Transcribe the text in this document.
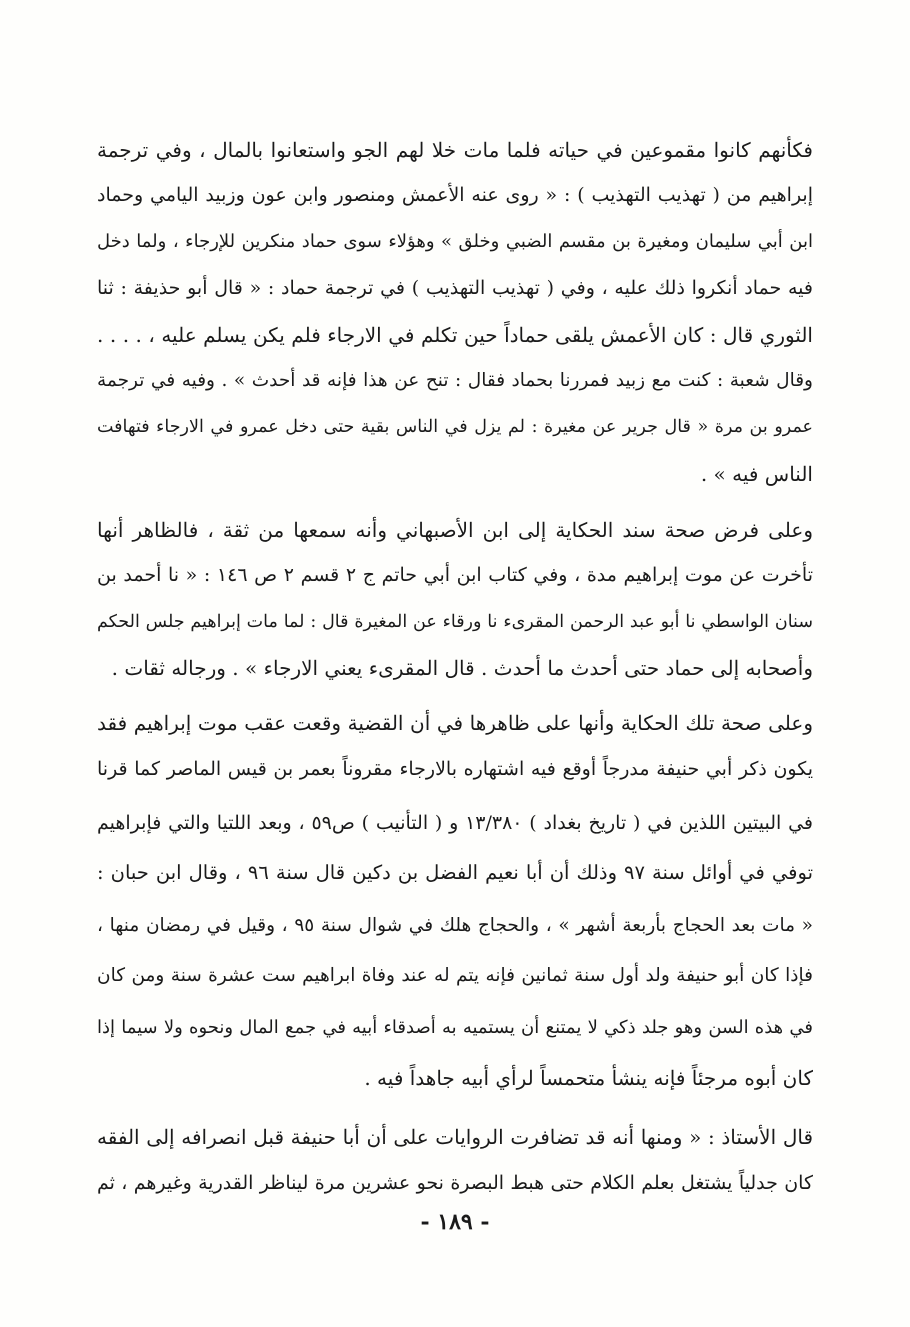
فكأنهم كانوا مقموعين في حياته فلما مات خلا لهم الجو واستعانوا بالمال ، وفي ترجمة
إبراهيم من ( تهذيب التهذيب ) : « روى عنه الأعمش ومنصور وابن عون وزبيد اليامي وحماد
ابن أبي سليمان ومغيرة بن مقسم الضبي وخلق » وهؤلاء سوى حماد منكرين للإرجاء ، ولما دخل
فيه حماد أنكروا ذلك عليه ، وفي ( تهذيب التهذيب ) في ترجمة حماد : « قال أبو حذيفة : ثنا
الثوري قال : كان الأعمش يلقى حماداً حين تكلم في الارجاء فلم يكن يسلم عليه ، . . . .
وقال شعبة : كنت مع زبيد فمررنا بحماد فقال : تنح عن هذا فإنه قد أحدث » . وفيه في ترجمة
عمرو بن مرة « قال جرير عن مغيرة : لم يزل في الناس بقية حتى دخل عمرو في الارجاء فتهافت
الناس فيه » .
وعلى فرض صحة سند الحكاية إلى ابن الأصبهاني وأنه سمعها من ثقة ، فالظاهر أنها
تأخرت عن موت إبراهيم مدة ، وفي كتاب ابن أبي حاتم ج ٢ قسم ٢ ص ١٤٦ : « نا أحمد بن
سنان الواسطي نا أبو عبد الرحمن المقرىء نا ورقاء عن المغيرة قال : لما مات إبراهيم جلس الحكم
وأصحابه إلى حماد حتى أحدث ما أحدث . قال المقرىء يعني الارجاء » . ورجاله ثقات .
وعلى صحة تلك الحكاية وأنها على ظاهرها في أن القضية وقعت عقب موت إبراهيم فقد
يكون ذكر أبي حنيفة مدرجاً أوقع فيه اشتهاره بالارجاء مقروناً بعمر بن قيس الماصر كما قرنا
في البيتين اللذين في ( تاريخ بغداد ) ١٣/٣٨٠ و ( التأنيب ) ص٥٩ ، وبعد اللتيا والتي فإبراهيم
توفي في أوائل سنة ٩٧ وذلك أن أبا نعيم الفضل بن دكين قال سنة ٩٦ ، وقال ابن حبان :
« مات بعد الحجاج بأربعة أشهر » ، والحجاج هلك في شوال سنة ٩٥ ، وقيل في رمضان منها ،
فإذا كان أبو حنيفة ولد أول سنة ثمانين فإنه يتم له عند وفاة ابراهيم ست عشرة سنة ومن كان
في هذه السن وهو جلد ذكي لا يمتنع أن يستميه به أصدقاء أبيه في جمع المال ونحوه ولا سيما إذا
كان أبوه مرجئاً فإنه ينشأ متحمساً لرأي أبيه جاهداً فيه .
قال الأستاذ : « ومنها أنه قد تضافرت الروايات على أن أبا حنيفة قبل انصرافه إلى الفقه
كان جدلياً يشتغل بعلم الكلام حتى هبط البصرة نحو عشرين مرة ليناظر القدرية وغيرهم ، ثم
- ١٨٩ -
